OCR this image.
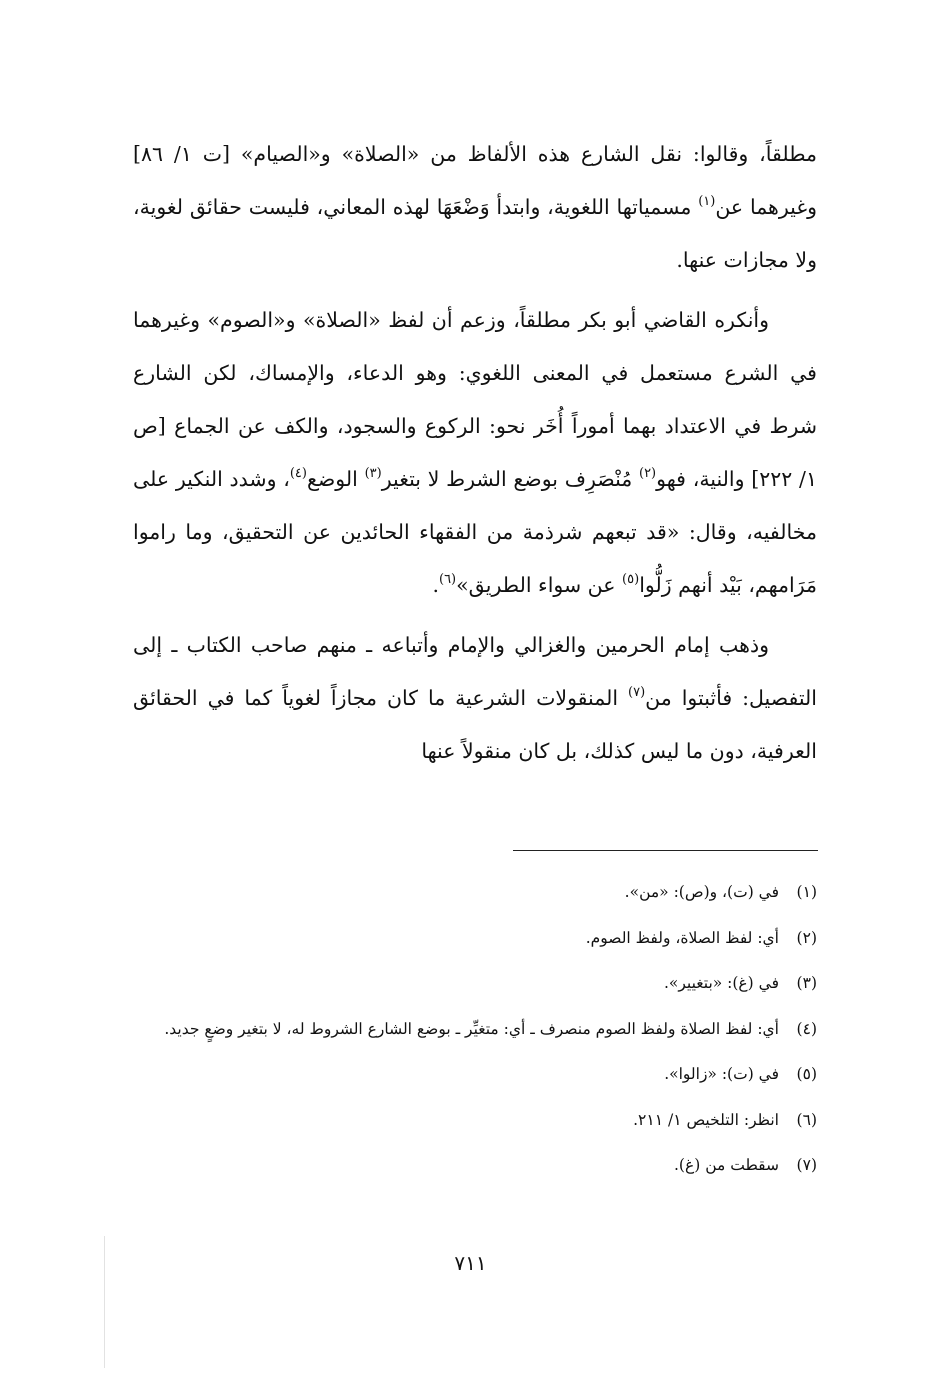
مطلقاً، وقالوا: نقل الشارع هذه الألفاظ من «الصلاة» و«الصيام» [ت ١/ ٨٦] وغيرهما عن$^{(١)}$ مسمياتها اللغوية، وابتدأ وَضْعَهَا لهذه المعاني، فليست حقائق لغوية، ولا مجازات عنها.

وأنكره القاضي أبو بكر مطلقاً، وزعم أن لفظ «الصلاة» و«الصوم» وغيرهما في الشرع مستعمل في المعنى اللغوي: وهو الدعاء، والإمساك، لكن الشارع شرط في الاعتداد بهما أموراً أُخَر نحو: الركوع والسجود، والكف عن الجماع [ص ١/ ٢٢٢] والنية، فهو$^{(٢)}$ مُنْصَرِف بوضع الشرط لا بتغير$^{(٣)}$ الوضع$^{(٤)}$، وشدد النكير على مخالفيه، وقال: «قد تبعهم شرذمة من الفقهاء الحائدين عن التحقيق، وما راموا مَرَامهم، بَيْد أنهم زَلُّوا$^{(٥)}$ عن سواء الطريق»$^{(٦)}$.

وذهب إمام الحرمين والغزالي والإمام وأتباعه ـ منهم صاحب الكتاب ـ إلى التفصيل: فأثبتوا من$^{(٧)}$ المنقولات الشرعية ما كان مجازاً لغوياً كما في الحقائق العرفية، دون ما ليس كذلك، بل كان منقولاً عنها

(١)
في (ت)، و(ص): «من».
(٢)
أي: لفظ الصلاة، ولفظ الصوم.
(٣)
في (غ): «بتغيير».
(٤)
أي: لفظ الصلاة ولفظ الصوم منصرف ـ أي: متغيِّر ـ بوضع الشارع الشروط له، لا بتغير وضعٍ جديد.
(٥)
في (ت): «زالوا».
(٦)
انظر: التلخيص ١/ ٢١١.
(٧)
سقطت من (غ).
٧١١
